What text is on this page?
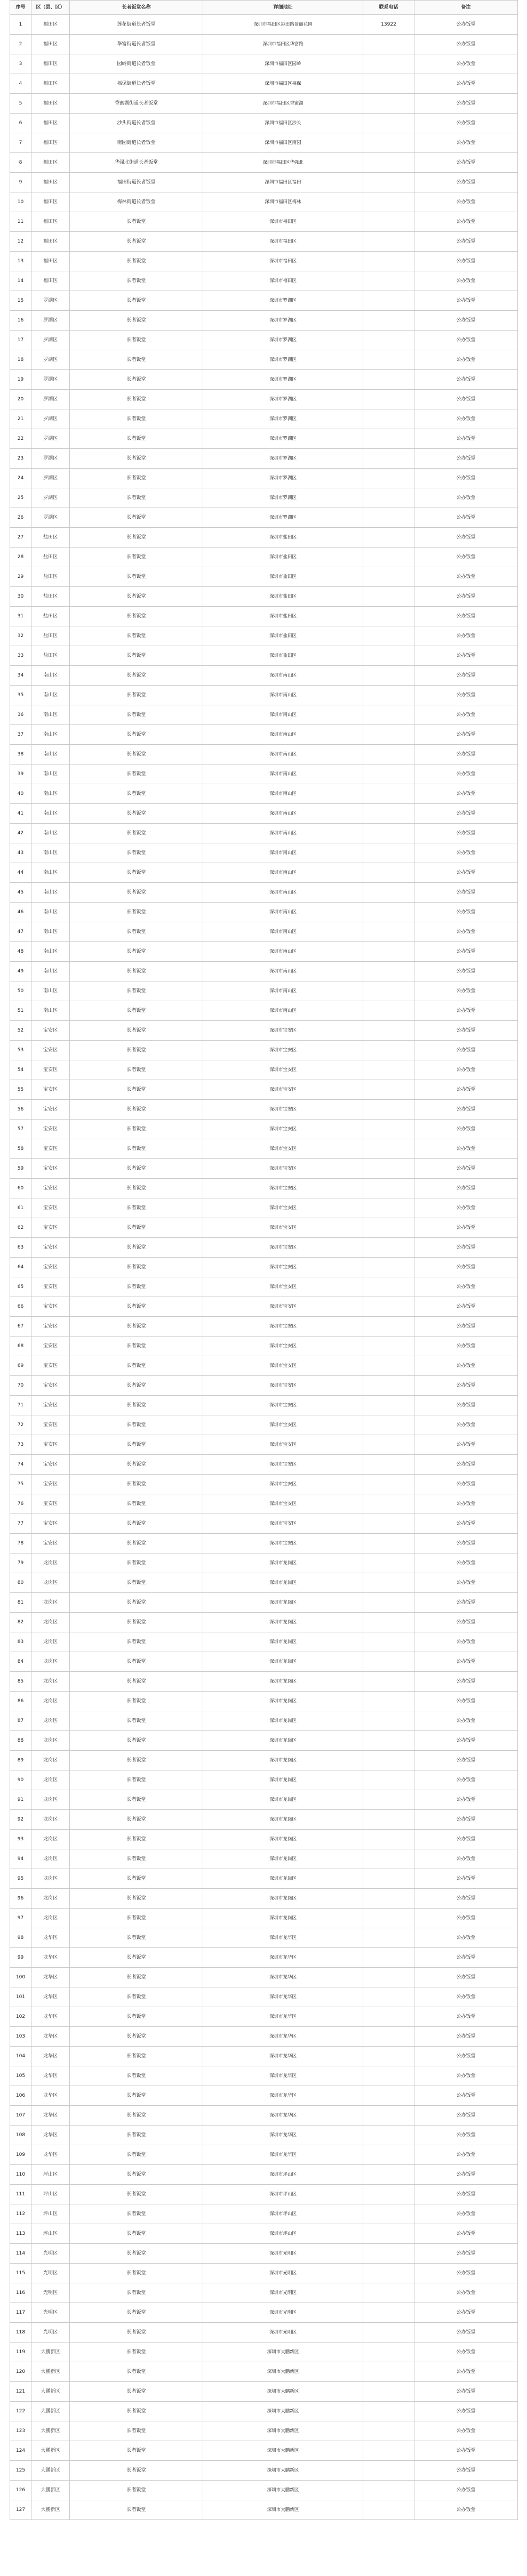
序号	区（县、区）	长者饭堂名称	详细地址	联系电话	备注
1	福田区	莲花街道长者饭堂	深圳市福田区彩田路景丽花园	13922	公办饭堂
2	福田区	华富街道长者饭堂	深圳市福田区华富路		公办饭堂
3	福田区	园岭街道长者饭堂	深圳市福田区园岭		公办饭堂
4	福田区	福保街道长者饭堂	深圳市福田区福保		公办饭堂
5	福田区	香蜜湖街道长者饭堂	深圳市福田区香蜜湖		公办饭堂
6	福田区	沙头街道长者饭堂	深圳市福田区沙头		公办饭堂
7	福田区	南园街道长者饭堂	深圳市福田区南园		公办饭堂
8	福田区	华强北街道长者饭堂	深圳市福田区华强北		公办饭堂
9	福田区	福田街道长者饭堂	深圳市福田区福田		公办饭堂
10	福田区	梅林街道长者饭堂	深圳市福田区梅林		公办饭堂
11	福田区	长者饭堂	深圳市福田区		公办饭堂
12	福田区	长者饭堂	深圳市福田区		公办饭堂
13	福田区	长者饭堂	深圳市福田区		公办饭堂
14	福田区	长者饭堂	深圳市福田区		公办饭堂
15	罗湖区	长者饭堂	深圳市罗湖区		公办饭堂
16	罗湖区	长者饭堂	深圳市罗湖区		公办饭堂
17	罗湖区	长者饭堂	深圳市罗湖区		公办饭堂
18	罗湖区	长者饭堂	深圳市罗湖区		公办饭堂
19	罗湖区	长者饭堂	深圳市罗湖区		公办饭堂
20	罗湖区	长者饭堂	深圳市罗湖区		公办饭堂
21	罗湖区	长者饭堂	深圳市罗湖区		公办饭堂
22	罗湖区	长者饭堂	深圳市罗湖区		公办饭堂
23	罗湖区	长者饭堂	深圳市罗湖区		公办饭堂
24	罗湖区	长者饭堂	深圳市罗湖区		公办饭堂
25	罗湖区	长者饭堂	深圳市罗湖区		公办饭堂
26	罗湖区	长者饭堂	深圳市罗湖区		公办饭堂
27	盐田区	长者饭堂	深圳市盐田区		公办饭堂
28	盐田区	长者饭堂	深圳市盐田区		公办饭堂
29	盐田区	长者饭堂	深圳市盐田区		公办饭堂
30	盐田区	长者饭堂	深圳市盐田区		公办饭堂
31	盐田区	长者饭堂	深圳市盐田区		公办饭堂
32	盐田区	长者饭堂	深圳市盐田区		公办饭堂
33	盐田区	长者饭堂	深圳市盐田区		公办饭堂
34	南山区	长者饭堂	深圳市南山区		公办饭堂
35	南山区	长者饭堂	深圳市南山区		公办饭堂
36	南山区	长者饭堂	深圳市南山区		公办饭堂
37	南山区	长者饭堂	深圳市南山区		公办饭堂
38	南山区	长者饭堂	深圳市南山区		公办饭堂
39	南山区	长者饭堂	深圳市南山区		公办饭堂
40	南山区	长者饭堂	深圳市南山区		公办饭堂
41	南山区	长者饭堂	深圳市南山区		公办饭堂
42	南山区	长者饭堂	深圳市南山区		公办饭堂
43	南山区	长者饭堂	深圳市南山区		公办饭堂
44	南山区	长者饭堂	深圳市南山区		公办饭堂
45	南山区	长者饭堂	深圳市南山区		公办饭堂
46	南山区	长者饭堂	深圳市南山区		公办饭堂
47	南山区	长者饭堂	深圳市南山区		公办饭堂
48	南山区	长者饭堂	深圳市南山区		公办饭堂
49	南山区	长者饭堂	深圳市南山区		公办饭堂
50	南山区	长者饭堂	深圳市南山区		公办饭堂
51	南山区	长者饭堂	深圳市南山区		公办饭堂
52	宝安区	长者饭堂	深圳市宝安区		公办饭堂
53	宝安区	长者饭堂	深圳市宝安区		公办饭堂
54	宝安区	长者饭堂	深圳市宝安区		公办饭堂
55	宝安区	长者饭堂	深圳市宝安区		公办饭堂
56	宝安区	长者饭堂	深圳市宝安区		公办饭堂
57	宝安区	长者饭堂	深圳市宝安区		公办饭堂
58	宝安区	长者饭堂	深圳市宝安区		公办饭堂
59	宝安区	长者饭堂	深圳市宝安区		公办饭堂
60	宝安区	长者饭堂	深圳市宝安区		公办饭堂
61	宝安区	长者饭堂	深圳市宝安区		公办饭堂
62	宝安区	长者饭堂	深圳市宝安区		公办饭堂
63	宝安区	长者饭堂	深圳市宝安区		公办饭堂
64	宝安区	长者饭堂	深圳市宝安区		公办饭堂
65	宝安区	长者饭堂	深圳市宝安区		公办饭堂
66	宝安区	长者饭堂	深圳市宝安区		公办饭堂
67	宝安区	长者饭堂	深圳市宝安区		公办饭堂
68	宝安区	长者饭堂	深圳市宝安区		公办饭堂
69	宝安区	长者饭堂	深圳市宝安区		公办饭堂
70	宝安区	长者饭堂	深圳市宝安区		公办饭堂
71	宝安区	长者饭堂	深圳市宝安区		公办饭堂
72	宝安区	长者饭堂	深圳市宝安区		公办饭堂
73	宝安区	长者饭堂	深圳市宝安区		公办饭堂
74	宝安区	长者饭堂	深圳市宝安区		公办饭堂
75	宝安区	长者饭堂	深圳市宝安区		公办饭堂
76	宝安区	长者饭堂	深圳市宝安区		公办饭堂
77	宝安区	长者饭堂	深圳市宝安区		公办饭堂
78	宝安区	长者饭堂	深圳市宝安区		公办饭堂
79	龙岗区	长者饭堂	深圳市龙岗区		公办饭堂
80	龙岗区	长者饭堂	深圳市龙岗区		公办饭堂
81	龙岗区	长者饭堂	深圳市龙岗区		公办饭堂
82	龙岗区	长者饭堂	深圳市龙岗区		公办饭堂
83	龙岗区	长者饭堂	深圳市龙岗区		公办饭堂
84	龙岗区	长者饭堂	深圳市龙岗区		公办饭堂
85	龙岗区	长者饭堂	深圳市龙岗区		公办饭堂
86	龙岗区	长者饭堂	深圳市龙岗区		公办饭堂
87	龙岗区	长者饭堂	深圳市龙岗区		公办饭堂
88	龙岗区	长者饭堂	深圳市龙岗区		公办饭堂
89	龙岗区	长者饭堂	深圳市龙岗区		公办饭堂
90	龙岗区	长者饭堂	深圳市龙岗区		公办饭堂
91	龙岗区	长者饭堂	深圳市龙岗区		公办饭堂
92	龙岗区	长者饭堂	深圳市龙岗区		公办饭堂
93	龙岗区	长者饭堂	深圳市龙岗区		公办饭堂
94	龙岗区	长者饭堂	深圳市龙岗区		公办饭堂
95	龙岗区	长者饭堂	深圳市龙岗区		公办饭堂
96	龙岗区	长者饭堂	深圳市龙岗区		公办饭堂
97	龙岗区	长者饭堂	深圳市龙岗区		公办饭堂
98	龙华区	长者饭堂	深圳市龙华区		公办饭堂
99	龙华区	长者饭堂	深圳市龙华区		公办饭堂
100	龙华区	长者饭堂	深圳市龙华区		公办饭堂
101	龙华区	长者饭堂	深圳市龙华区		公办饭堂
102	龙华区	长者饭堂	深圳市龙华区		公办饭堂
103	龙华区	长者饭堂	深圳市龙华区		公办饭堂
104	龙华区	长者饭堂	深圳市龙华区		公办饭堂
105	龙华区	长者饭堂	深圳市龙华区		公办饭堂
106	龙华区	长者饭堂	深圳市龙华区		公办饭堂
107	龙华区	长者饭堂	深圳市龙华区		公办饭堂
108	龙华区	长者饭堂	深圳市龙华区		公办饭堂
109	龙华区	长者饭堂	深圳市龙华区		公办饭堂
110	坪山区	长者饭堂	深圳市坪山区		公办饭堂
111	坪山区	长者饭堂	深圳市坪山区		公办饭堂
112	坪山区	长者饭堂	深圳市坪山区		公办饭堂
113	坪山区	长者饭堂	深圳市坪山区		公办饭堂
114	光明区	长者饭堂	深圳市光明区		公办饭堂
115	光明区	长者饭堂	深圳市光明区		公办饭堂
116	光明区	长者饭堂	深圳市光明区		公办饭堂
117	光明区	长者饭堂	深圳市光明区		公办饭堂
118	光明区	长者饭堂	深圳市光明区		公办饭堂
119	大鹏新区	长者饭堂	深圳市大鹏新区		公办饭堂
120	大鹏新区	长者饭堂	深圳市大鹏新区		公办饭堂
121	大鹏新区	长者饭堂	深圳市大鹏新区		公办饭堂
122	大鹏新区	长者饭堂	深圳市大鹏新区		公办饭堂
123	大鹏新区	长者饭堂	深圳市大鹏新区		公办饭堂
124	大鹏新区	长者饭堂	深圳市大鹏新区		公办饭堂
125	大鹏新区	长者饭堂	深圳市大鹏新区		公办饭堂
126	大鹏新区	长者饭堂	深圳市大鹏新区		公办饭堂
127	大鹏新区	长者饭堂	深圳市大鹏新区		公办饭堂
